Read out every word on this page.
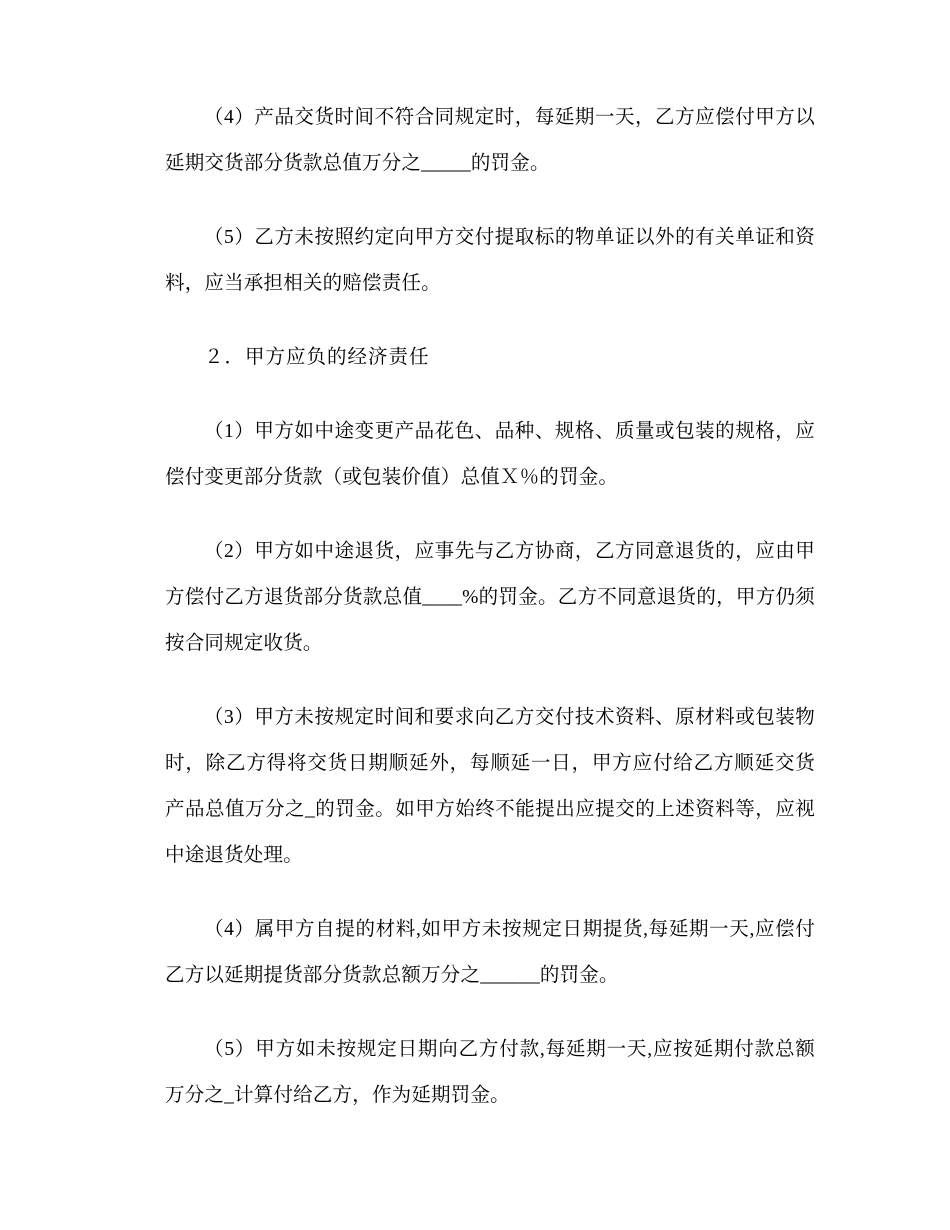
（4）产品交货时间不符合同规定时，每延期一天，乙方应偿付甲方以延期交货部分货款总值万分之_____的罚金。

（5）乙方未按照约定向甲方交付提取标的物单证以外的有关单证和资料，应当承担相关的赔偿责任。

２．甲方应负的经济责任

（1）甲方如中途变更产品花色、品种、规格、质量或包装的规格，应偿付变更部分货款（或包装价值）总值Ｘ％的罚金。

（2）甲方如中途退货，应事先与乙方协商，乙方同意退货的，应由甲方偿付乙方退货部分货款总值____%的罚金。乙方不同意退货的，甲方仍须按合同规定收货。

（3）甲方未按规定时间和要求向乙方交付技术资料、原材料或包装物时，除乙方得将交货日期顺延外，每顺延一日，甲方应付给乙方顺延交货产品总值万分之_的罚金。如甲方始终不能提出应提交的上述资料等，应视中途退货处理。

（4）属甲方自提的材料,如甲方未按规定日期提货,每延期一天,应偿付乙方以延期提货部分货款总额万分之______的罚金。

（5）甲方如未按规定日期向乙方付款,每延期一天,应按延期付款总额万分之_计算付给乙方，作为延期罚金。
